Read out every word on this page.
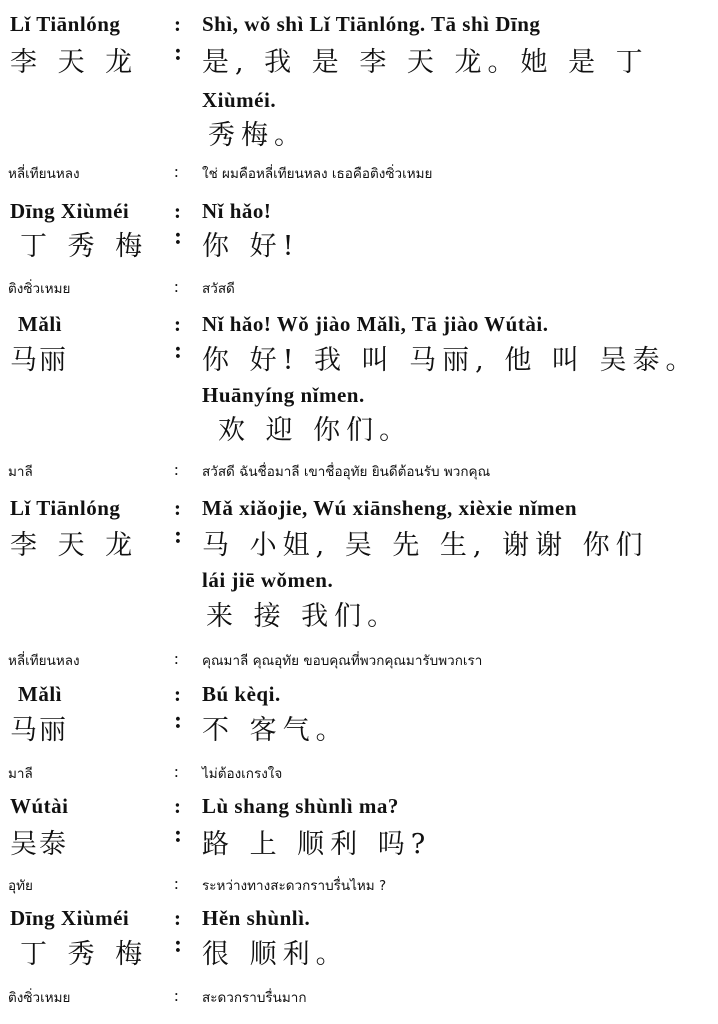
Lǐ Tiānlóng	: Shì, wǒ shì Lǐ Tiānlóng. Tā shì Dīng
李 天 龙 : 是, 我 是 李 天 龙。她 是 丁
Xiùméi.
秀梅。
หลี่เทียนหลง	: ใช่ ผมคือหลี่เทียนหลง เธอคือติงซิ่วเหมย
Dīng Xiùméi : Nǐ hǎo!
丁 秀 梅 : 你 好!
ติงซิ่วเหมย	: สวัสดี
Mǎlì	: Nǐ hǎo! Wǒ jiào Mǎlì, Tā jiào Wútài.
马丽	: 你 好! 我 叫 马丽, 他 叫 吴泰。
Huānyíng nǐmen.
欢 迎 你们。
มาลี	: สวัสดี ฉันชื่อมาลี เขาชื่ออุทัย ยินดีต้อนรับ พวกคุณ
Lǐ Tiānlóng	: Mǎ xiǎojie, Wú xiānsheng, xièxie nǐmen
李 天 龙 : 马 小姐, 吴 先 生, 谢谢 你们
lái jiē wǒmen.
来 接 我们。
หลี่เทียนหลง	: คุณมาลี คุณอุทัย ขอบคุณที่พวกคุณมารับพวกเรา
Mǎlì	: Bú kèqi.
马丽	: 不 客气。
มาลี	: ไม่ต้องเกรงใจ
Wútài	: Lù shang shùnlì ma?
吴泰	: 路 上 顺利 吗?
อุทัย	: ระหว่างทางสะดวกราบรื่นไหม ?
Dīng Xiùméi : Hěn shùnlì.
丁 秀 梅 : 很 顺利。
ติงซิ่วเหมย	: สะดวกราบรื่นมาก
